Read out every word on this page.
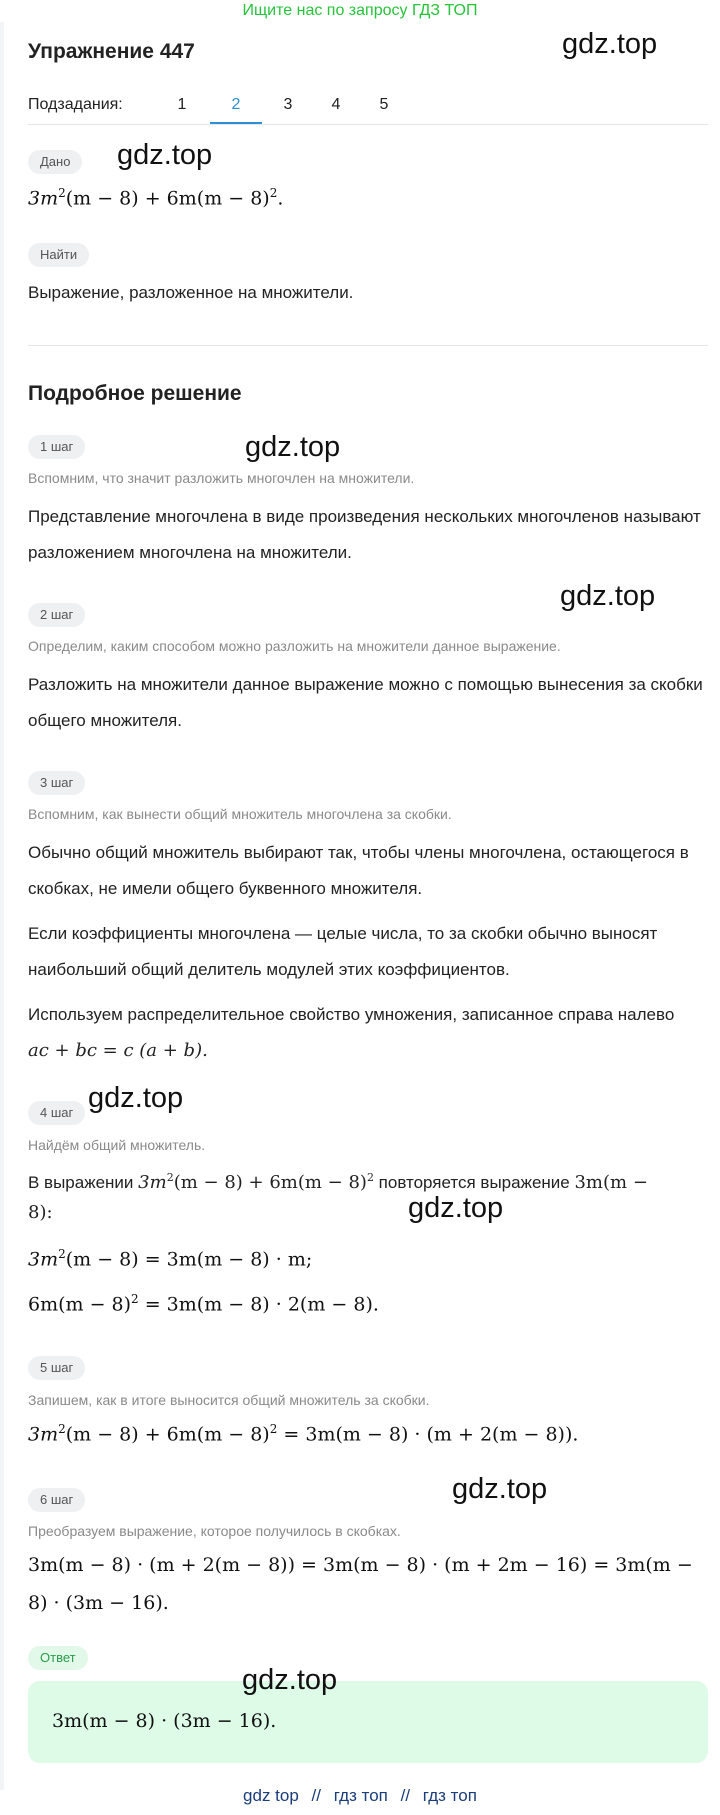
Ищите нас по запросу ГДЗ ТОП
Упражнение 447	gdz.top
Подзадания:	1	2	3	4	5
Дано	gdz.top
$3m^2(m - 8) + 6m(m - 8)^2$.
Найти
Выражение, разложенное на множители.
Подробное решение
1 шаг	gdz.top
Вспомним, что значит разложить многочлен на множители.
Представление многочлена в виде произведения нескольких многочленов называют разложением многочлена на множители.
2 шаг
gdz.top
Определим, каким способом можно разложить на множители данное выражение.
Разложить на множители данное выражение можно с помощью вынесения за скобки общего множителя.
3 шаг
Вспомним, как вынести общий множитель многочлена за скобки.
Обычно общий множитель выбирают так, чтобы члены многочлена, остающегося в скобках, не имели общего буквенного множителя.
Если коэффициенты многочлена — целые числа, то за скобки обычно выносят наибольший общий делитель модулей этих коэффициентов.
Используем распределительное свойство умножения, записанное справа налево ac + bc = c (a + b).
4 шаг gdz.top
Найдём общий множитель.
В выражении $3m^2(m - 8) + 6m(m - 8)^2$ повторяется выражение 3m(m −
8):	gdz.top
$3m^2(m - 8) = 3m(m - 8) \cdot m$;
$6m(m - 8)^2 = 3m(m - 8) \cdot 2(m - 8)$.
5 шаг
Запишем, как в итоге выносится общий множитель за скобки.
$3m^2(m - 8) + 6m(m - 8)^2 = 3m(m - 8) \cdot (m + 2(m - 8))$.
gdz.top
6 шаг
Преобразуем выражение, которое получилось в скобках.
3m(m − 8) · (m + 2(m − 8)) = 3m(m − 8) · (m + 2m − 16) = 3m(m −
8) · (3m − 16).
Ответ
3m(m − 8) · (3m − 16).
gdz.top
gdz top // гдз топ // гдз топ
